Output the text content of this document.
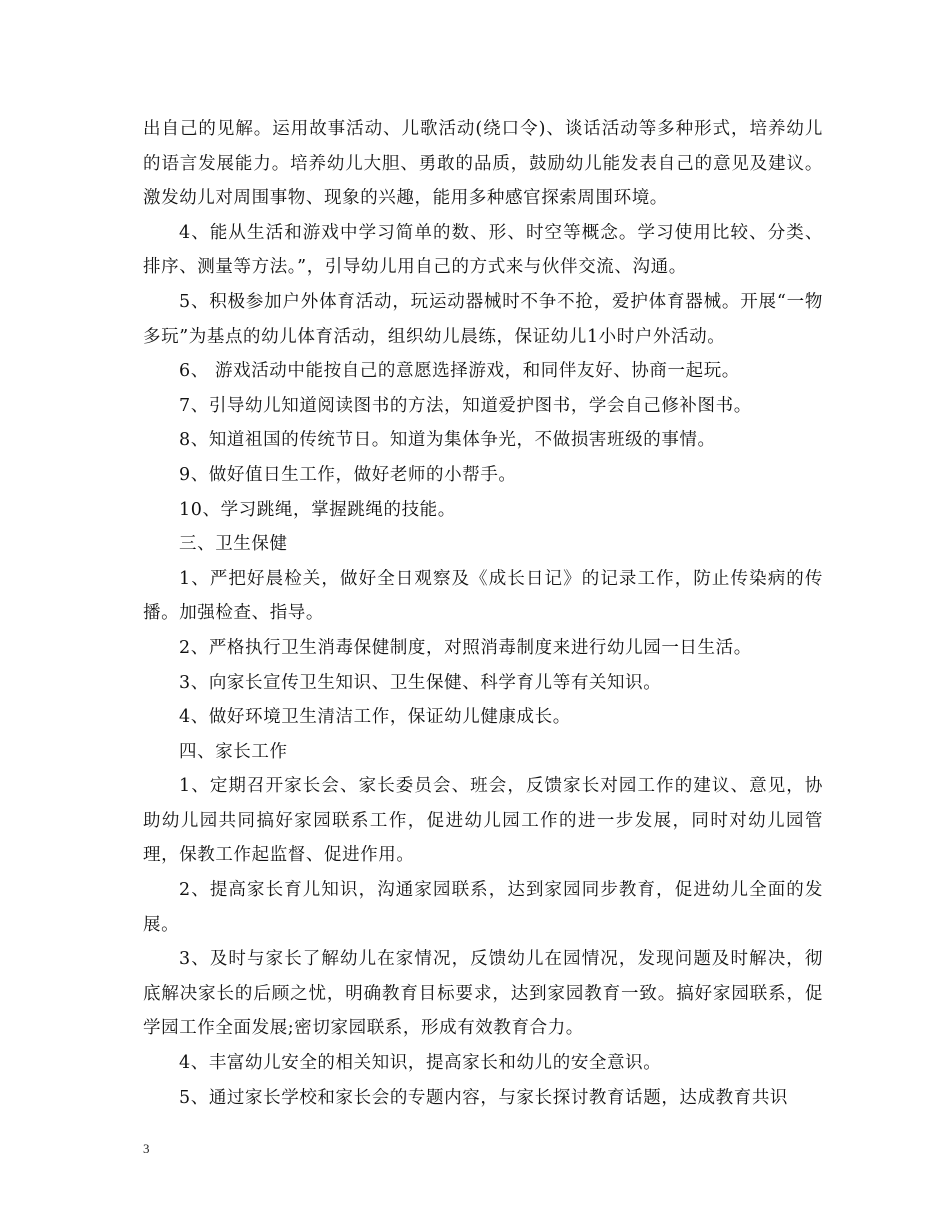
出自己的见解。运用故事活动、儿歌活动(绕口令)、谈话活动等多种形式，培养幼儿的语言发展能力。培养幼儿大胆、勇敢的品质，鼓励幼儿能发表自己的意见及建议。激发幼儿对周围事物、现象的兴趣，能用多种感官探索周围环境。

4、能从生活和游戏中学习简单的数、形、时空等概念。学习使用比较、分类、排序、测量等方法。”，引导幼儿用自己的方式来与伙伴交流、沟通。

5、积极参加户外体育活动，玩运动器械时不争不抢，爱护体育器械。开展“一物多玩”为基点的幼儿体育活动，组织幼儿晨练，保证幼儿1小时户外活动。

6、 游戏活动中能按自己的意愿选择游戏，和同伴友好、协商一起玩。

7、引导幼儿知道阅读图书的方法，知道爱护图书，学会自己修补图书。

8、知道祖国的传统节日。知道为集体争光，不做损害班级的事情。

9、做好值日生工作，做好老师的小帮手。

10、学习跳绳，掌握跳绳的技能。

三、卫生保健

1、严把好晨检关，做好全日观察及《成长日记》的记录工作，防止传染病的传播。加强检查、指导。

2、严格执行卫生消毒保健制度，对照消毒制度来进行幼儿园一日生活。

3、向家长宣传卫生知识、卫生保健、科学育儿等有关知识。

4、做好环境卫生清洁工作，保证幼儿健康成长。

四、家长工作

1、定期召开家长会、家长委员会、班会，反馈家长对园工作的建议、意见，协助幼儿园共同搞好家园联系工作，促进幼儿园工作的进一步发展，同时对幼儿园管理，保教工作起监督、促进作用。

2、提高家长育儿知识，沟通家园联系，达到家园同步教育，促进幼儿全面的发展。

3、及时与家长了解幼儿在家情况，反馈幼儿在园情况，发现问题及时解决，彻底解决家长的后顾之忧，明确教育目标要求，达到家园教育一致。搞好家园联系，促学园工作全面发展;密切家园联系，形成有效教育合力。

4、丰富幼儿安全的相关知识，提高家长和幼儿的安全意识。

5、通过家长学校和家长会的专题内容，与家长探讨教育话题，达成教育共识

3
